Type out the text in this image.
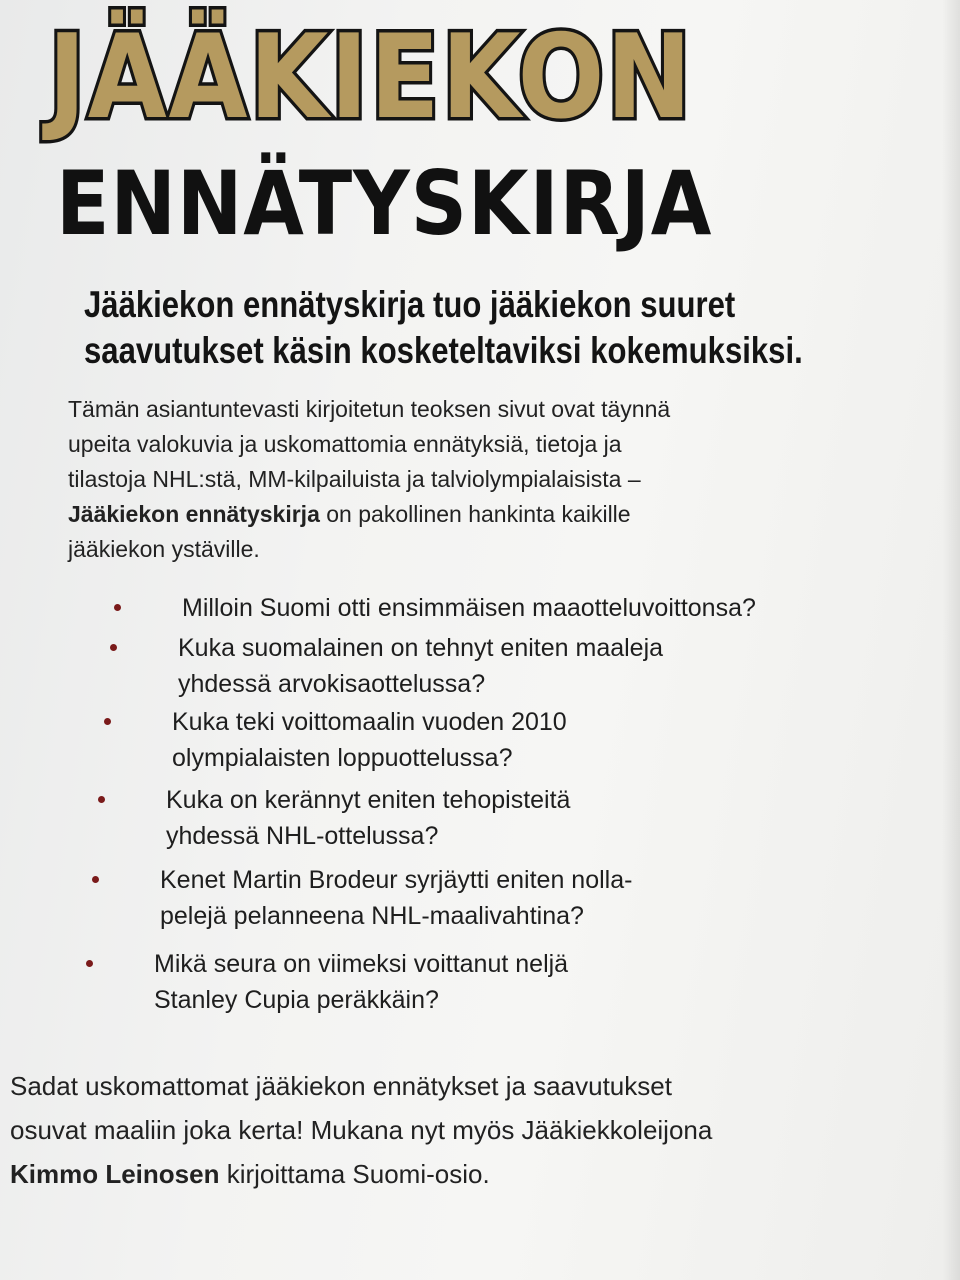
JÄÄKIEKON
ENNÄTYSKIRJA
Jääkiekon ennätyskirja tuo jääkiekon suuret
saavutukset käsin kosketeltaviksi kokemuksiksi.
Tämän asiantuntevasti kirjoitetun teoksen sivut ovat täynnä
upeita valokuvia ja uskomattomia ennätyksiä, tietoja ja
tilastoja NHL:stä, MM-kilpailuista ja talviolympialaisista –
Jääkiekon ennätyskirja on pakollinen hankinta kaikille
jääkiekon ystäville.
Milloin Suomi otti ensimmäisen maaotteluvoittonsa?
Kuka suomalainen on tehnyt eniten maaleja
yhdessä arvokisaottelussa?
Kuka teki voittomaalin vuoden 2010
olympialaisten loppuottelussa?
Kuka on kerännyt eniten tehopisteitä
yhdessä NHL-ottelussa?
Kenet Martin Brodeur syrjäytti eniten nolla-
pelejä pelanneena NHL-maalivahtina?
Mikä seura on viimeksi voittanut neljä
Stanley Cupia peräkkäin?
Sadat uskomattomat jääkiekon ennätykset ja saavutukset
osuvat maaliin joka kerta! Mukana nyt myös Jääkiekkoleijona
Kimmo Leinosen kirjoittama Suomi-osio.
